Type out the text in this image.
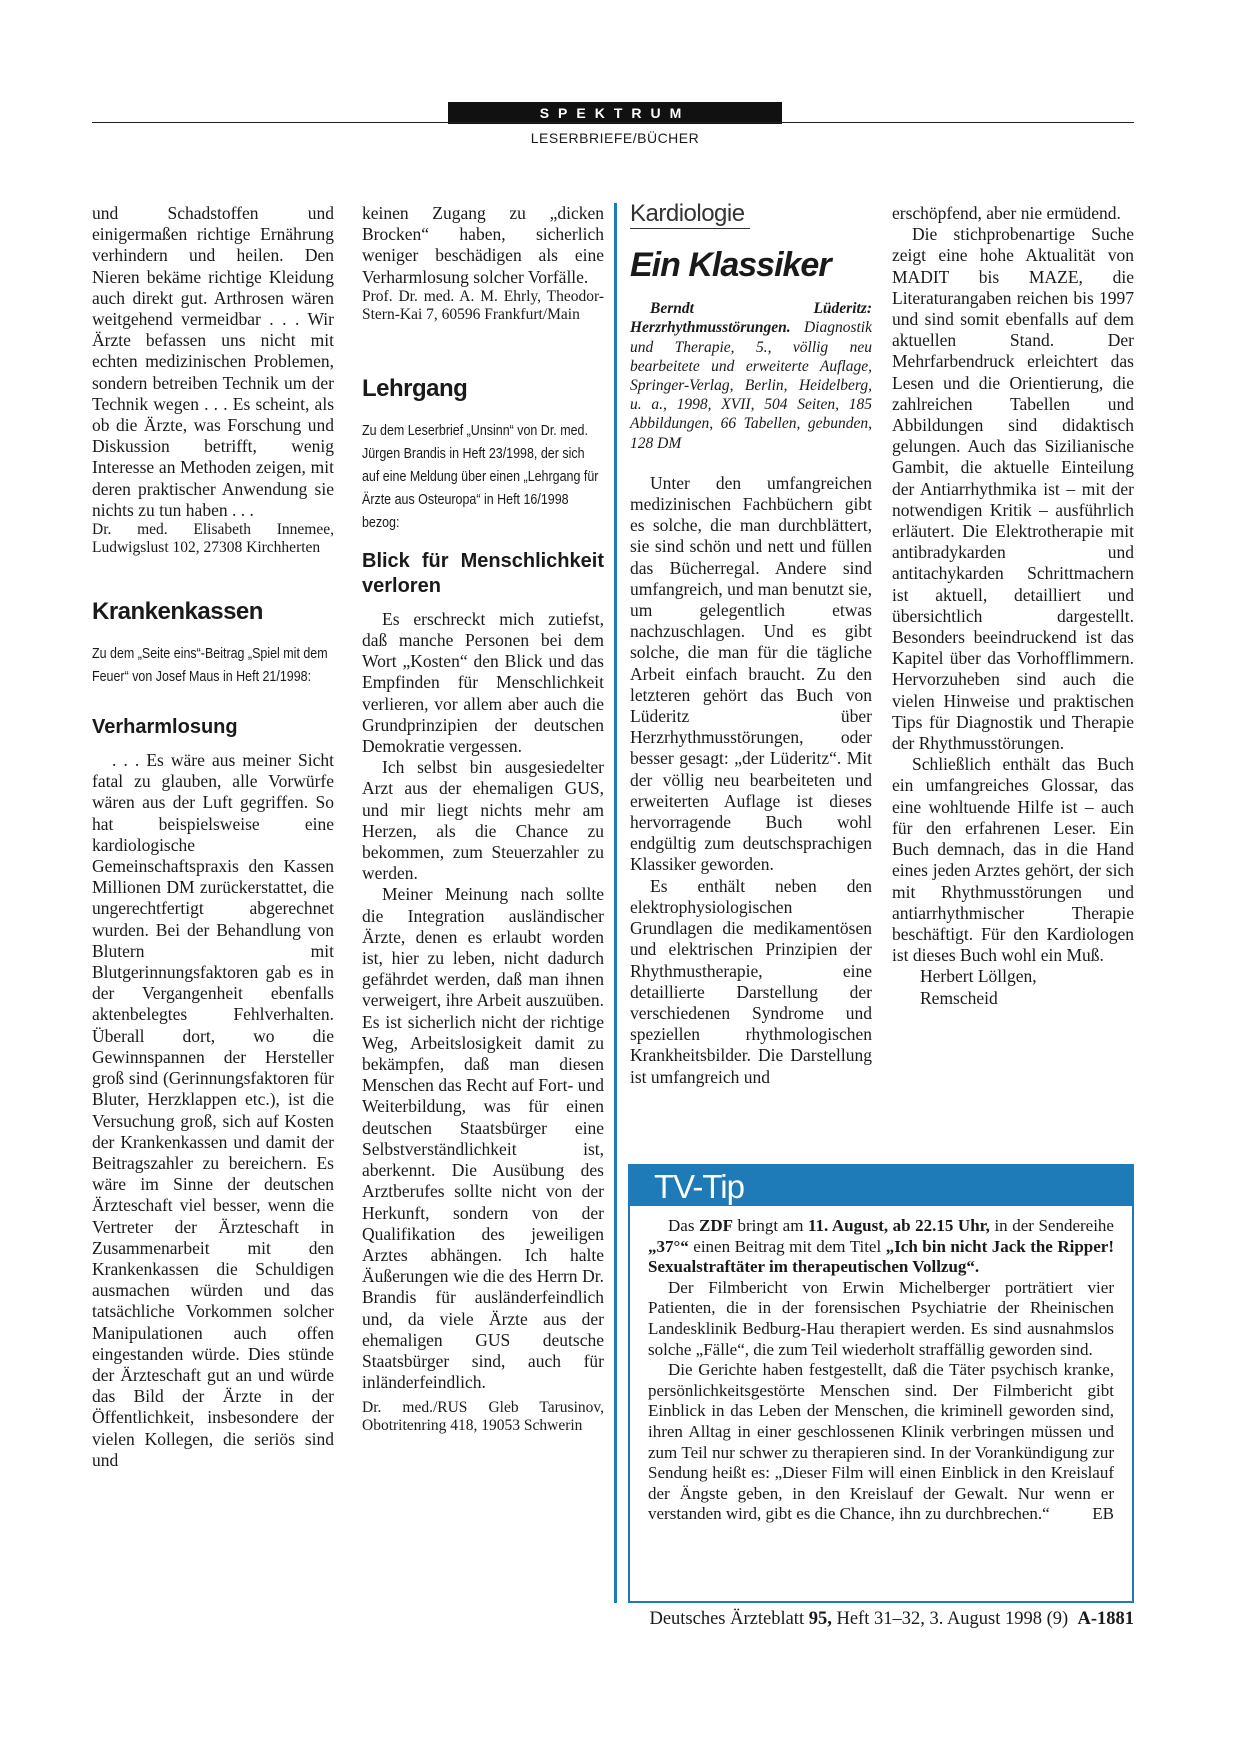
SPEKTRUM
LESERBRIEFE/BÜCHER

und Schadstoffen und einigermaßen richtige Ernährung verhindern und heilen. Den Nieren bekäme richtige Kleidung auch direkt gut. Arthrosen wären weitgehend vermeidbar . . . Wir Ärzte befassen uns nicht mit echten medizinischen Problemen, sondern betreiben Technik um der Technik wegen . . . Es scheint, als ob die Ärzte, was Forschung und Diskussion betrifft, wenig Interesse an Methoden zeigen, mit deren praktischer Anwendung sie nichts zu tun haben . . .

Dr. med. Elisabeth Innemee, Ludwigslust 102, 27308 Kirchherten

Krankenkassen
Zu dem „Seite eins“-Beitrag „Spiel mit dem Feuer“ von Josef Maus in Heft 21/1998:
Verharmlosung

. . . Es wäre aus meiner Sicht fatal zu glauben, alle Vorwürfe wären aus der Luft gegriffen. So hat beispielsweise eine kardiologische Gemeinschaftspraxis den Kassen Millionen DM zurückerstattet, die ungerechtfertigt abgerechnet wurden. Bei der Behandlung von Blutern mit Blutgerinnungsfaktoren gab es in der Vergangenheit ebenfalls aktenbelegtes Fehlverhalten. Überall dort, wo die Gewinnspannen der Hersteller groß sind (Gerinnungsfaktoren für Bluter, Herzklappen etc.), ist die Versuchung groß, sich auf Kosten der Krankenkassen und damit der Beitragszahler zu bereichern. Es wäre im Sinne der deutschen Ärzteschaft viel besser, wenn die Vertreter der Ärzteschaft in Zusammenarbeit mit den Krankenkassen die Schuldigen ausmachen würden und das tatsächliche Vorkommen solcher Manipulationen auch offen eingestanden würde. Dies stünde der Ärzteschaft gut an und würde das Bild der Ärzte in der Öffentlichkeit, insbesondere der vielen Kollegen, die seriös sind und

keinen Zugang zu „dicken Brocken“ haben, sicherlich weniger beschädigen als eine Verharmlosung solcher Vorfälle.

Prof. Dr. med. A. M. Ehrly, Theodor-Stern-Kai 7, 60596 Frankfurt/Main

Lehrgang
Zu dem Leserbrief „Unsinn“ von Dr. med. Jürgen Brandis in Heft 23/1998, der sich auf eine Meldung über einen „Lehrgang für Ärzte aus Osteuropa“ in Heft 16/1998 bezog:
Blick für Menschlichkeit verloren

Es erschreckt mich zutiefst, daß manche Personen bei dem Wort „Kosten“ den Blick und das Empfinden für Menschlichkeit verlieren, vor allem aber auch die Grundprinzipien der deutschen Demokratie vergessen.

Ich selbst bin ausgesiedelter Arzt aus der ehemaligen GUS, und mir liegt nichts mehr am Herzen, als die Chance zu bekommen, zum Steuerzahler zu werden.

Meiner Meinung nach sollte die Integration ausländischer Ärzte, denen es erlaubt worden ist, hier zu leben, nicht dadurch gefährdet werden, daß man ihnen verweigert, ihre Arbeit auszuüben. Es ist sicherlich nicht der richtige Weg, Arbeitslosigkeit damit zu bekämpfen, daß man diesen Menschen das Recht auf Fort- und Weiterbildung, was für einen deutschen Staatsbürger eine Selbstverständlichkeit ist, aberkennt. Die Ausübung des Arztberufes sollte nicht von der Herkunft, sondern von der Qualifikation des jeweiligen Arztes abhängen. Ich halte Äußerungen wie die des Herrn Dr. Brandis für ausländerfeindlich und, da viele Ärzte aus der ehemaligen GUS deutsche Staatsbürger sind, auch für inländerfeindlich.

Dr. med./RUS Gleb Tarusinov, Obotritenring 418, 19053 Schwerin

Kardiologie
Ein Klassiker
Berndt Lüderitz: Herzrhythmusstörungen. Diagnostik und Therapie, 5., völlig neu bearbeitete und erweiterte Auflage, Springer-Verlag, Berlin, Heidelberg, u. a., 1998, XVII, 504 Seiten, 185 Abbildungen, 66 Tabellen, gebunden, 128 DM

Unter den umfangreichen medizinischen Fachbüchern gibt es solche, die man durchblättert, sie sind schön und nett und füllen das Bücherregal. Andere sind umfangreich, und man benutzt sie, um gelegentlich etwas nachzuschlagen. Und es gibt solche, die man für die tägliche Arbeit einfach braucht. Zu den letzteren gehört das Buch von Lüderitz über Herzrhythmusstörungen, oder besser gesagt: „der Lüderitz“. Mit der völlig neu bearbeiteten und erweiterten Auflage ist dieses hervorragende Buch wohl endgültig zum deutschsprachigen Klassiker geworden.

Es enthält neben den elektrophysiologischen Grundlagen die medikamentösen und elektrischen Prinzipien der Rhythmustherapie, eine detaillierte Darstellung der verschiedenen Syndrome und speziellen rhythmologischen Krankheitsbilder. Die Darstellung ist umfangreich und

erschöpfend, aber nie ermüdend.

Die stichprobenartige Suche zeigt eine hohe Aktualität von MADIT bis MAZE, die Literaturangaben reichen bis 1997 und sind somit ebenfalls auf dem aktuellen Stand. Der Mehrfarbendruck erleichtert das Lesen und die Orientierung, die zahlreichen Tabellen und Abbildungen sind didaktisch gelungen. Auch das Sizilianische Gambit, die aktuelle Einteilung der Antiarrhythmika ist – mit der notwendigen Kritik – ausführlich erläutert. Die Elektrotherapie mit antibradykarden und antitachykarden Schrittmachern ist aktuell, detailliert und übersichtlich dargestellt. Besonders beeindruckend ist das Kapitel über das Vorhofflimmern. Hervorzuheben sind auch die vielen Hinweise und praktischen Tips für Diagnostik und Therapie der Rhythmusstörungen.

Schließlich enthält das Buch ein umfangreiches Glossar, das eine wohltuende Hilfe ist – auch für den erfahrenen Leser. Ein Buch demnach, das in die Hand eines jeden Arztes gehört, der sich mit Rhythmusstörungen und antiarrhythmischer Therapie beschäftigt. Für den Kardiologen ist dieses Buch wohl ein Muß.

Herbert Löllgen,

Remscheid

TV-Tip

Das ZDF bringt am 11. August, ab 22.15 Uhr, in der Sendereihe „37°“ einen Beitrag mit dem Titel „Ich bin nicht Jack the Ripper! Sexualstraftäter im therapeutischen Vollzug“.

Der Filmbericht von Erwin Michelberger porträtiert vier Patienten, die in der forensischen Psychiatrie der Rheinischen Landesklinik Bedburg-Hau therapiert werden. Es sind ausnahmslos solche „Fälle“, die zum Teil wiederholt straffällig geworden sind.

Die Gerichte haben festgestellt, daß die Täter psychisch kranke, persönlichkeitsgestörte Menschen sind. Der Filmbericht gibt Einblick in das Leben der Menschen, die kriminell geworden sind, ihren Alltag in einer geschlossenen Klinik verbringen müssen und zum Teil nur schwer zu therapieren sind. In der Vorankündigung zur Sendung heißt es: „Dieser Film will einen Einblick in den Kreislauf der Ängste geben, in den Kreislauf der Gewalt. Nur wenn er verstanden wird, gibt es die Chance, ihn zu durchbrechen.“	EB

Deutsches Ärzteblatt 95, Heft 31–32, 3. August 1998 (9) A-1881
